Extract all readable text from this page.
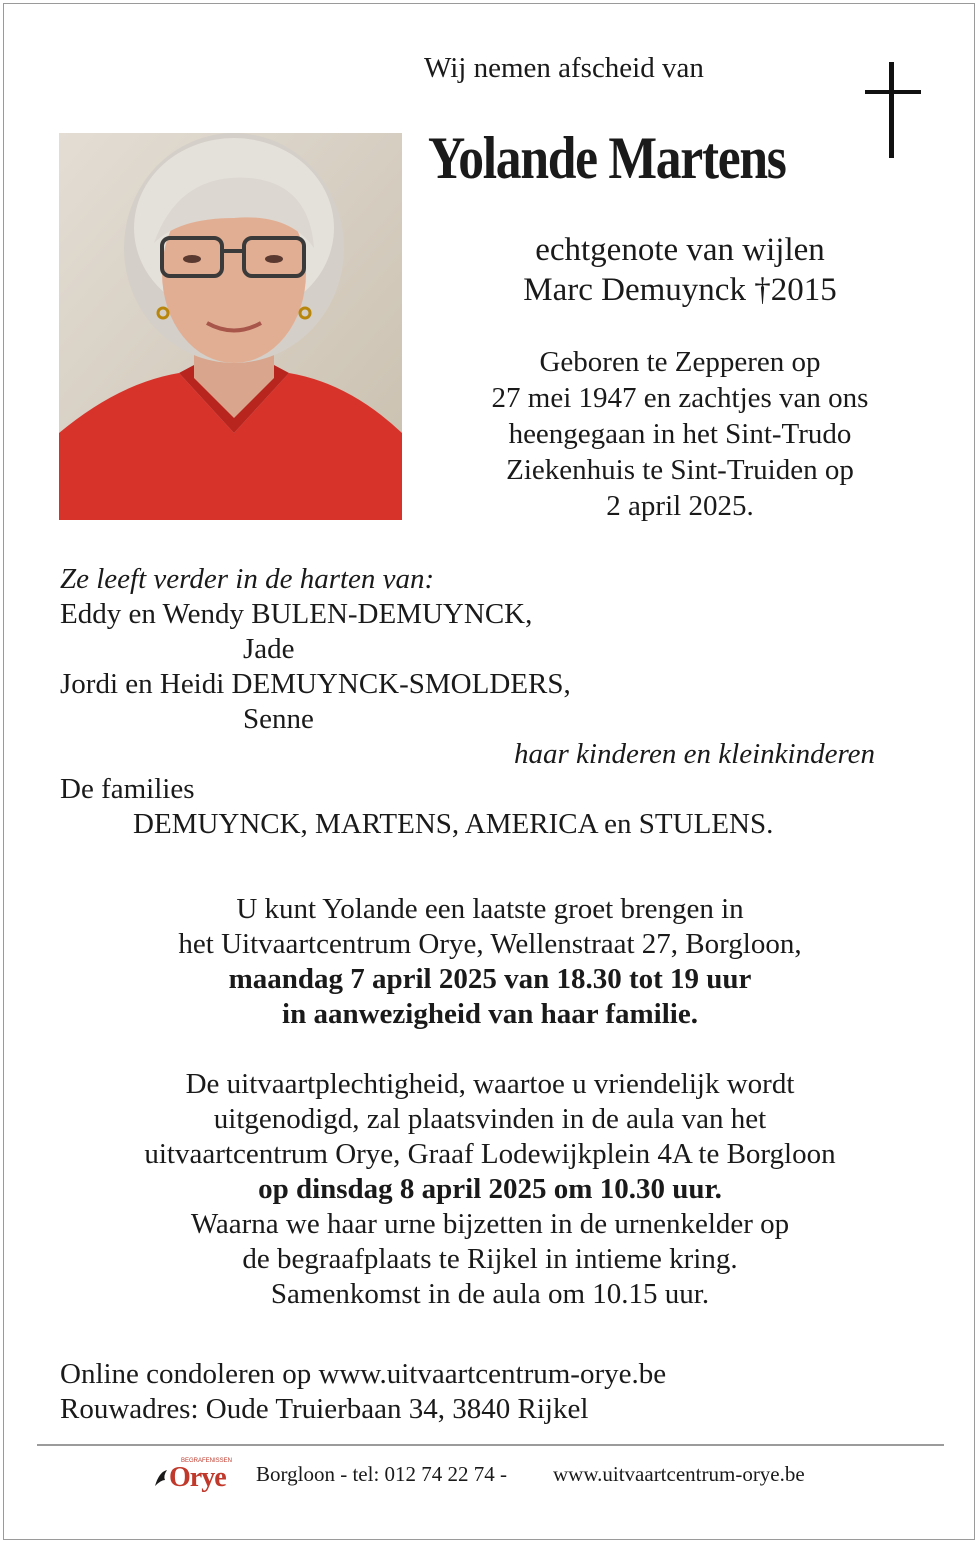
Wij nemen afscheid van
Yolande Martens
echtgenote van wijlen
Marc Demuynck †2015
Geboren te Zepperen op
27 mei 1947 en zachtjes van ons
heengegaan in het Sint-Trudo
Ziekenhuis te Sint-Truiden op
2 april 2025.
Ze leeft verder in de harten van:
Eddy en Wendy BULEN-DEMUYNCK,
Jade
Jordi en Heidi DEMUYNCK-SMOLDERS,
Senne
haar kinderen en kleinkinderen
De families
DEMUYNCK, MARTENS, AMERICA en STULENS.
U kunt Yolande een laatste groet brengen in
het Uitvaartcentrum Orye, Wellenstraat 27, Borgloon,
maandag 7 april 2025 van 18.30 tot 19 uur
in aanwezigheid van haar familie.
De uitvaartplechtigheid, waartoe u vriendelijk wordt
uitgenodigd, zal plaatsvinden in de aula van het
uitvaartcentrum Orye, Graaf Lodewijkplein 4A te Borgloon
op dinsdag 8 april 2025 om 10.30 uur.
Waarna we haar urne bijzetten in de urnenkelder op
de begraafplaats te Rijkel in intieme kring.
Samenkomst in de aula om 10.15 uur.
Online condoleren op www.uitvaartcentrum-orye.be
Rouwadres: Oude Truierbaan 34, 3840 Rijkel
BEGRAFENISSEN
Orye Borgloon - tel: 012 74 22 74 - www.uitvaartcentrum-orye.be
